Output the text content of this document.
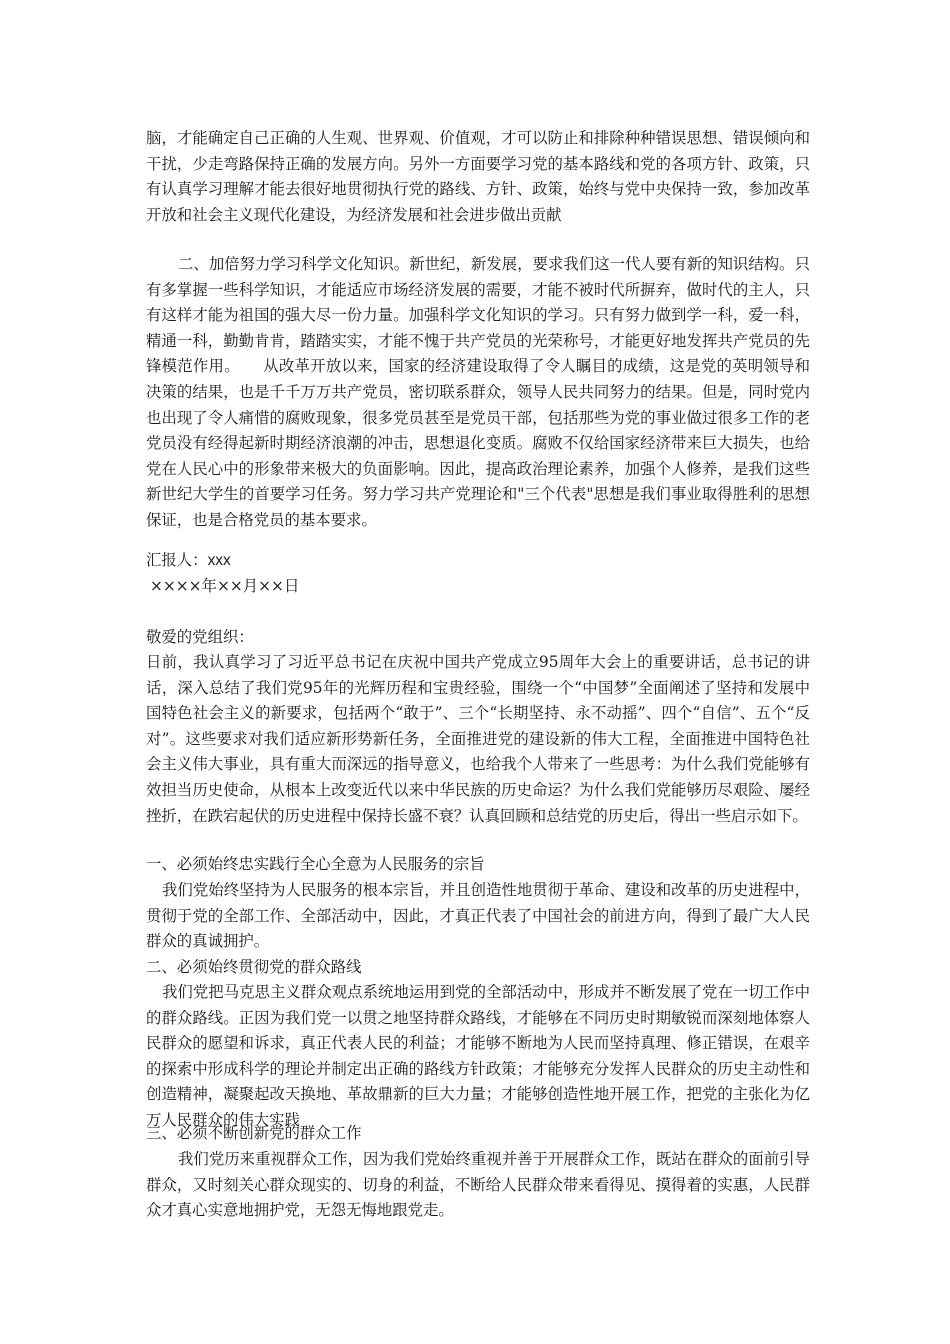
脑，才能确定自己正确的人生观、世界观、价值观，才可以防止和排除种种错误思想、错误倾向和干扰，少走弯路保持正确的发展方向。另外一方面要学习党的基本路线和党的各项方针、政策，只有认真学习理解才能去很好地贯彻执行党的路线、方针、政策，始终与党中央保持一致，参加改革开放和社会主义现代化建设，为经济发展和社会进步做出贡献

二、加倍努力学习科学文化知识。新世纪，新发展，要求我们这一代人要有新的知识结构。只有多掌握一些科学知识，才能适应市场经济发展的需要，才能不被时代所摒弃，做时代的主人，只有这样才能为祖国的强大尽一份力量。加强科学文化知识的学习。只有努力做到学一科，爱一科，精通一科，勤勤肯肯，踏踏实实，才能不愧于共产党员的光荣称号，才能更好地发挥共产党员的先锋模范作用。　　从改革开放以来，国家的经济建设取得了令人瞩目的成绩，这是党的英明领导和决策的结果，也是千千万万共产党员，密切联系群众，领导人民共同努力的结果。但是，同时党内也出现了令人痛惜的腐败现象，很多党员甚至是党员干部，包括那些为党的事业做过很多工作的老党员没有经得起新时期经济浪潮的冲击，思想退化变质。腐败不仅给国家经济带来巨大损失，也给党在人民心中的形象带来极大的负面影响。因此，提高政治理论素养，加强个人修养，是我们这些新世纪大学生的首要学习任务。努力学习共产党理论和"三个代表"思想是我们事业取得胜利的思想保证，也是合格党员的基本要求。

汇报人：xxx
××××年××月××日
敬爱的党组织：

日前，我认真学习了习近平总书记在庆祝中国共产党成立95周年大会上的重要讲话，总书记的讲话，深入总结了我们党95年的光辉历程和宝贵经验，围绕一个“中国梦”全面阐述了坚持和发展中国特色社会主义的新要求，包括两个“敢于”、三个“长期坚持、永不动摇”、四个“自信”、五个“反对”。这些要求对我们适应新形势新任务，全面推进党的建设新的伟大工程，全面推进中国特色社会主义伟大事业，具有重大而深远的指导意义，也给我个人带来了一些思考：为什么我们党能够有效担当历史使命，从根本上改变近代以来中华民族的历史命运？为什么我们党能够历尽艰险、屡经挫折，在跌宕起伏的历史进程中保持长盛不衰？认真回顾和总结党的历史后，得出一些启示如下。

一、必须始终忠实践行全心全意为人民服务的宗旨

我们党始终坚持为人民服务的根本宗旨，并且创造性地贯彻于革命、建设和改革的历史进程中，贯彻于党的全部工作、全部活动中，因此，才真正代表了中国社会的前进方向，得到了最广大人民群众的真诚拥护。

二、必须始终贯彻党的群众路线

我们党把马克思主义群众观点系统地运用到党的全部活动中，形成并不断发展了党在一切工作中的群众路线。正因为我们党一以贯之地坚持群众路线，才能够在不同历史时期敏锐而深刻地体察人民群众的愿望和诉求，真正代表人民的利益；才能够不断地为人民而坚持真理、修正错误，在艰辛的探索中形成科学的理论并制定出正确的路线方针政策；才能够充分发挥人民群众的历史主动性和创造精神，凝聚起改天换地、革故鼎新的巨大力量；才能够创造性地开展工作，把党的主张化为亿万人民群众的伟大实践

三、必须不断创新党的群众工作

我们党历来重视群众工作，因为我们党始终重视并善于开展群众工作，既站在群众的面前引导群众，又时刻关心群众现实的、切身的利益，不断给人民群众带来看得见、摸得着的实惠，人民群众才真心实意地拥护党，无怨无悔地跟党走。
